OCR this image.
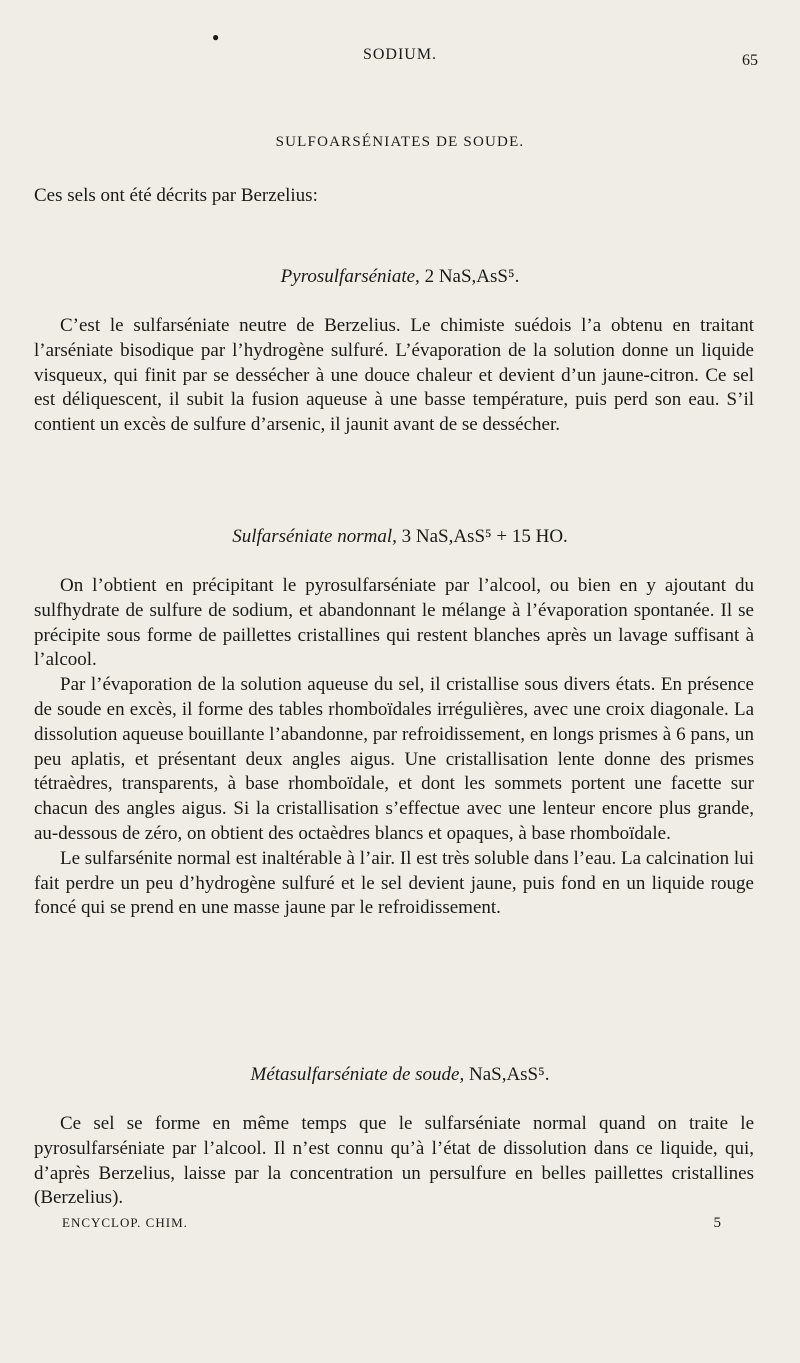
●
SODIUM.	65
SULFOARSÉNIATES DE SOUDE.

Ces sels ont été décrits par Berzelius:

Pyrosulfarséniate, 2 NaS,AsS⁵.

C’est le sulfarséniate neutre de Berzelius. Le chimiste suédois l’a obtenu en traitant l’arséniate bisodique par l’hydrogène sulfuré. L’évaporation de la solution donne un liquide visqueux, qui finit par se dessécher à une douce chaleur et devient d’un jaune-citron. Ce sel est déliquescent, il subit la fusion aqueuse à une basse température, puis perd son eau. S’il contient un excès de sulfure d’arsenic, il jaunit avant de se dessécher.

Sulfarséniate normal, 3 NaS,AsS⁵ + 15 HO.

On l’obtient en précipitant le pyrosulfarséniate par l’alcool, ou bien en y ajoutant du sulfhydrate de sulfure de sodium, et abandonnant le mélange à l’évaporation spontanée. Il se précipite sous forme de paillettes cristallines qui restent blanches après un lavage suffisant à l’alcool.

Par l’évaporation de la solution aqueuse du sel, il cristallise sous divers états. En présence de soude en excès, il forme des tables rhomboïdales irrégulières, avec une croix diagonale. La dissolution aqueuse bouillante l’abandonne, par refroidissement, en longs prismes à 6 pans, un peu aplatis, et présentant deux angles aigus. Une cristallisation lente donne des prismes tétraèdres, transparents, à base rhomboïdale, et dont les sommets portent une facette sur chacun des angles aigus. Si la cristallisation s’effectue avec une lenteur encore plus grande, au-dessous de zéro, on obtient des octaèdres blancs et opaques, à base rhomboïdale.

Le sulfarsénite normal est inaltérable à l’air. Il est très soluble dans l’eau. La calcination lui fait perdre un peu d’hydrogène sulfuré et le sel devient jaune, puis fond en un liquide rouge foncé qui se prend en une masse jaune par le refroidissement.

Métasulfarséniate de soude, NaS,AsS⁵.

Ce sel se forme en même temps que le sulfarséniate normal quand on traite le pyrosulfarséniate par l’alcool. Il n’est connu qu’à l’état de dissolution dans ce liquide, qui, d’après Berzelius, laisse par la concentration un persulfure en belles paillettes cristallines (Berzelius).

ENCYCLOP. CHIM.	5
